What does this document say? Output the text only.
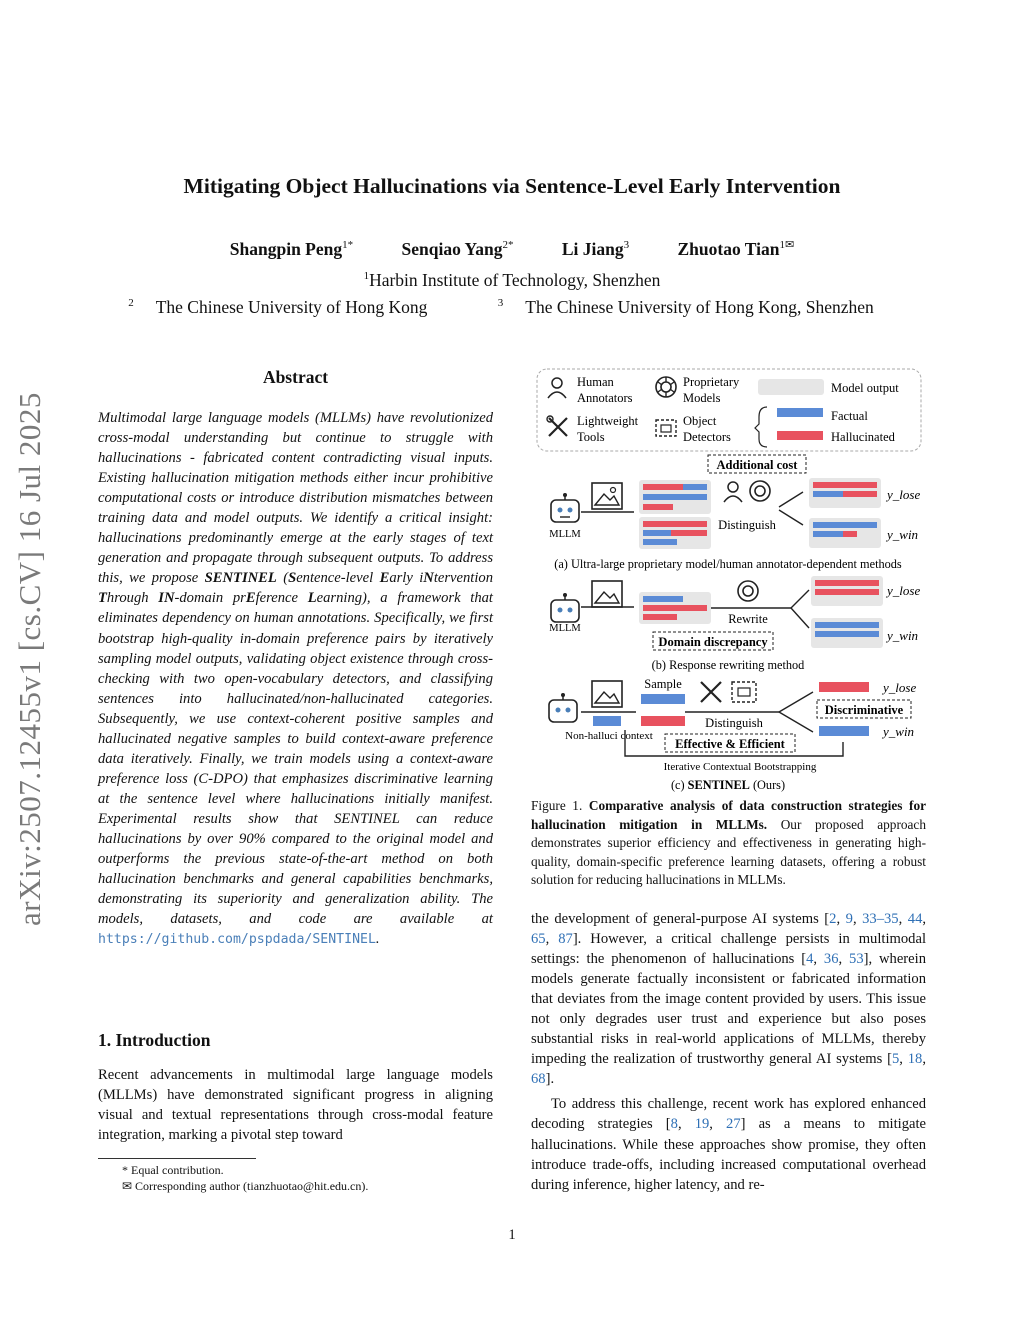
Mitigating Object Hallucinations via Sentence-Level Early Intervention
Shangpin Peng$^{1*}$	Senqiao Yang$^{2*}$	Li Jiang$^3$	Zhuotao Tian$^{1✉}$
$^1$Harbin Institute of Technology, Shenzhen
$^2$ The Chinese University of Hong Kong	$^3$ The Chinese University of Hong Kong, Shenzhen
arXiv:2507.12455v1 [cs.CV] 16 Jul 2025
Abstract
Multimodal large language models (MLLMs) have revolutionized cross-modal understanding but continue to struggle with hallucinations - fabricated content contradicting visual inputs. Existing hallucination mitigation methods either incur prohibitive computational costs or introduce distribution mismatches between training data and model outputs. We identify a critical insight: hallucinations predominantly emerge at the early stages of text generation and propagate through subsequent outputs. To address this, we propose SENTINEL (Sentence-level Early iNtervention Through IN-domain prEference Learning), a framework that eliminates dependency on human annotations. Specifically, we first bootstrap high-quality in-domain preference pairs by iteratively sampling model outputs, validating object existence through cross-checking with two open-vocabulary detectors, and classifying sentences into hallucinated/non-hallucinated categories. Subsequently, we use context-coherent positive samples and hallucinated negative samples to build context-aware preference data iteratively. Finally, we train models using a context-aware preference loss (C-DPO) that emphasizes discriminative learning at the sentence level where hallucinations initially manifest. Experimental results show that SENTINEL can reduce hallucinations by over 90% compared to the original model and outperforms the previous state-of-the-art method on both hallucination benchmarks and general capabilities benchmarks, demonstrating its superiority and generalization ability. The models, datasets, and code are available at https://github.com/pspdada/SENTINEL.
1. Introduction
Recent advancements in multimodal large language models (MLLMs) have demonstrated significant progress in aligning visual and textual representations through cross-modal feature integration, marking a pivotal step toward
* Equal contribution.
✉ Corresponding author (tianzhuotao@hit.edu.cn).
Human
Annotators
Proprietary
Models
Model output
Lightweight
Tools
Object
Detectors
Factual
Hallucinated
Additional cost
MLLM
Distinguish
y_lose
y_win
(a) Ultra-large proprietary model/human annotator-dependent methods
MLLM
Rewrite
Domain discrepancy
y_lose
y_win
(b) Response rewriting method
Non-halluci context
Sample
Distinguish
Effective & Efficient
y_lose
Discriminative
y_win
Iterative Contextual Bootstrapping
(c) SENTINEL (Ours)
Figure 1. Comparative analysis of data construction strategies for hallucination mitigation in MLLMs. Our proposed approach demonstrates superior efficiency and effectiveness in generating high-quality, domain-specific preference learning datasets, offering a robust solution for reducing hallucinations in MLLMs.

the development of general-purpose AI systems [2, 9, 33–35, 44, 65, 87]. However, a critical challenge persists in multimodal settings: the phenomenon of hallucinations [4, 36, 53], wherein models generate factually inconsistent or fabricated information that deviates from the image content provided by users. This issue not only degrades user trust and experience but also poses substantial risks in real-world applications of MLLMs, thereby impeding the realization of trustworthy general AI systems [5, 18, 68].

To address this challenge, recent work has explored enhanced decoding strategies [8, 19, 27] as a means to mitigate hallucinations. While these approaches show promise, they often introduce trade-offs, including increased computational overhead during inference, higher latency, and re-

1
